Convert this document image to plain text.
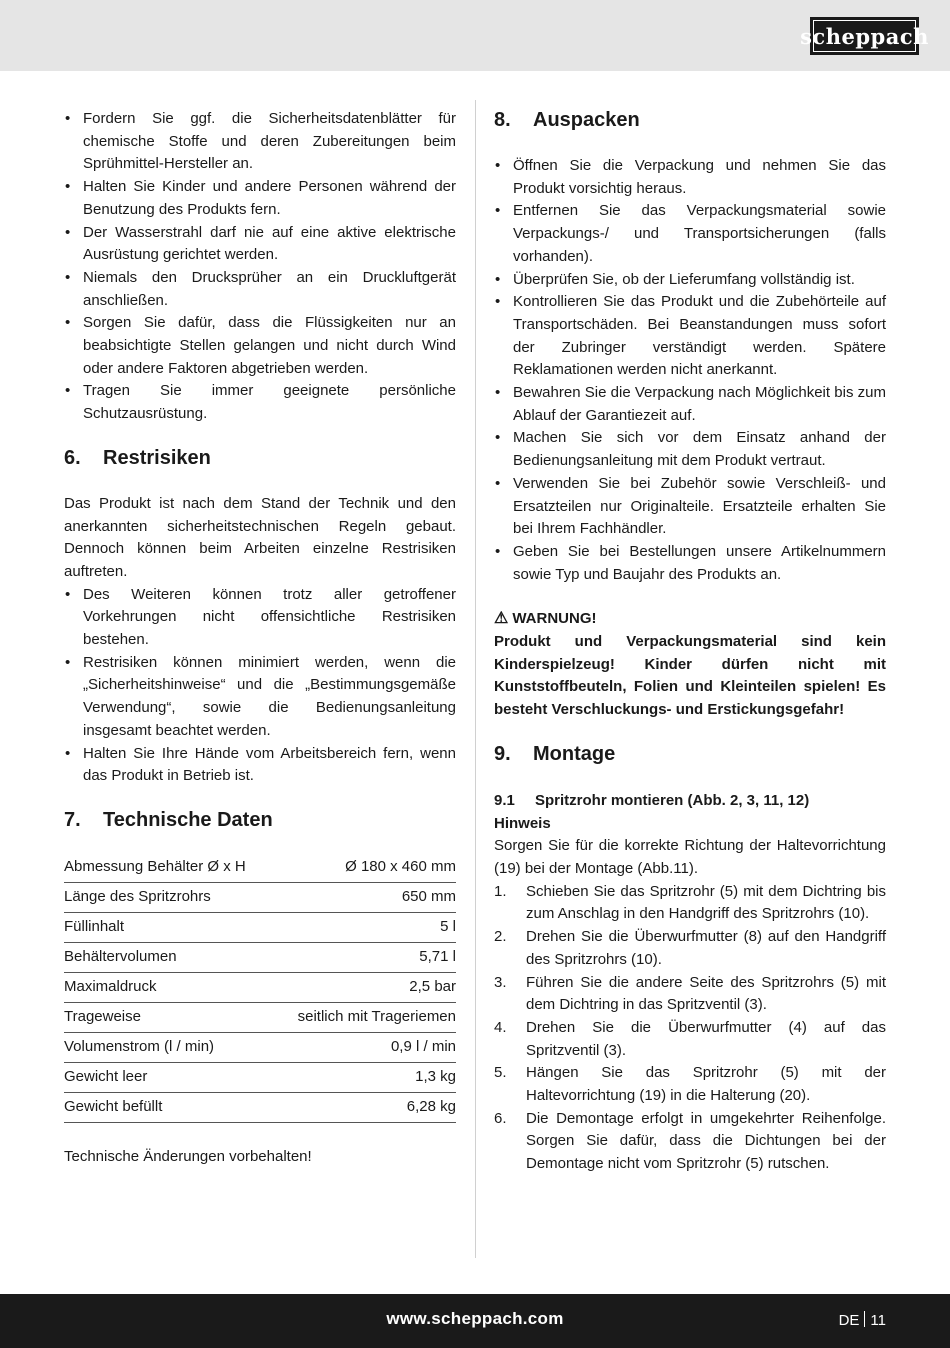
scheppach
• Fordern Sie ggf. die Sicherheitsdatenblätter für chemische Stoffe und deren Zubereitungen beim Sprühmittel-Hersteller an.
• Halten Sie Kinder und andere Personen während der Benutzung des Produkts fern.
• Der Wasserstrahl darf nie auf eine aktive elektrische Ausrüstung gerichtet werden.
• Niemals den Drucksprüher an ein Druckluftgerät anschließen.
• Sorgen Sie dafür, dass die Flüssigkeiten nur an beabsichtigte Stellen gelangen und nicht durch Wind oder andere Faktoren abgetrieben werden.
• Tragen Sie immer geeignete persönliche Schutzausrüstung.
6.	Restrisiken

Das Produkt ist nach dem Stand der Technik und den anerkannten sicherheitstechnischen Regeln gebaut. Dennoch können beim Arbeiten einzelne Restrisiken auftreten.

• Des Weiteren können trotz aller getroffener Vorkehrungen nicht offensichtliche Restrisiken bestehen.
• Restrisiken können minimiert werden, wenn die „Sicherheitshinweise“ und die „Bestimmungsgemäße Verwendung“, sowie die Bedienungsanleitung insgesamt beachtet werden.
• Halten Sie Ihre Hände vom Arbeitsbereich fern, wenn das Produkt in Betrieb ist.
7.	Technische Daten
Abmessung Behälter Ø x H	Ø 180 x 460 mm
Länge des Spritzrohrs	650 mm
Füllinhalt	5 l
Behältervolumen	5,71 l
Maximaldruck	2,5 bar
Trageweise	seitlich mit Trageriemen
Volumenstrom (l / min)	0,9 l / min
Gewicht leer	1,3 kg
Gewicht befüllt	6,28 kg

Technische Änderungen vorbehalten!

8.	Auspacken
• Öffnen Sie die Verpackung und nehmen Sie das Produkt vorsichtig heraus.
• Entfernen Sie das Verpackungsmaterial sowie Verpackungs-/ und Transportsicherungen (falls vorhanden).
• Überprüfen Sie, ob der Lieferumfang vollständig ist.
• Kontrollieren Sie das Produkt und die Zubehörteile auf Transportschäden. Bei Beanstandungen muss sofort der Zubringer verständigt werden. Spätere Reklamationen werden nicht anerkannt.
• Bewahren Sie die Verpackung nach Möglichkeit bis zum Ablauf der Garantiezeit auf.
• Machen Sie sich vor dem Einsatz anhand der Bedienungsanleitung mit dem Produkt vertraut.
• Verwenden Sie bei Zubehör sowie Verschleiß- und Ersatzteilen nur Originalteile. Ersatzteile erhalten Sie bei Ihrem Fachhändler.
• Geben Sie bei Bestellungen unsere Artikelnummern sowie Typ und Baujahr des Produkts an.
⚠ WARNUNG!

Produkt und Verpackungsmaterial sind kein Kinderspielzeug! Kinder dürfen nicht mit Kunststoffbeuteln, Folien und Kleinteilen spielen! Es besteht Verschluckungs- und Erstickungsgefahr!

9.	Montage
9.1	Spritzrohr montieren (Abb. 2, 3, 11, 12)
Hinweis

Sorgen Sie für die korrekte Richtung der Haltevorrichtung (19) bei der Montage (Abb.11).

1. Schieben Sie das Spritzrohr (5) mit dem Dichtring bis zum Anschlag in den Handgriff des Spritzrohrs (10).
2. Drehen Sie die Überwurfmutter (8) auf den Handgriff des Spritzrohrs (10).
3. Führen Sie die andere Seite des Spritzrohrs (5) mit dem Dichtring in das Spritzventil (3).
4. Drehen Sie die Überwurfmutter (4) auf das Spritzventil (3).
5. Hängen Sie das Spritzrohr (5) mit der Haltevorrichtung (19) in die Halterung (20).
6. Die Demontage erfolgt in umgekehrter Reihenfolge. Sorgen Sie dafür, dass die Dichtungen bei der Demontage nicht vom Spritzrohr (5) rutschen.
www.scheppach.com	DE 11
